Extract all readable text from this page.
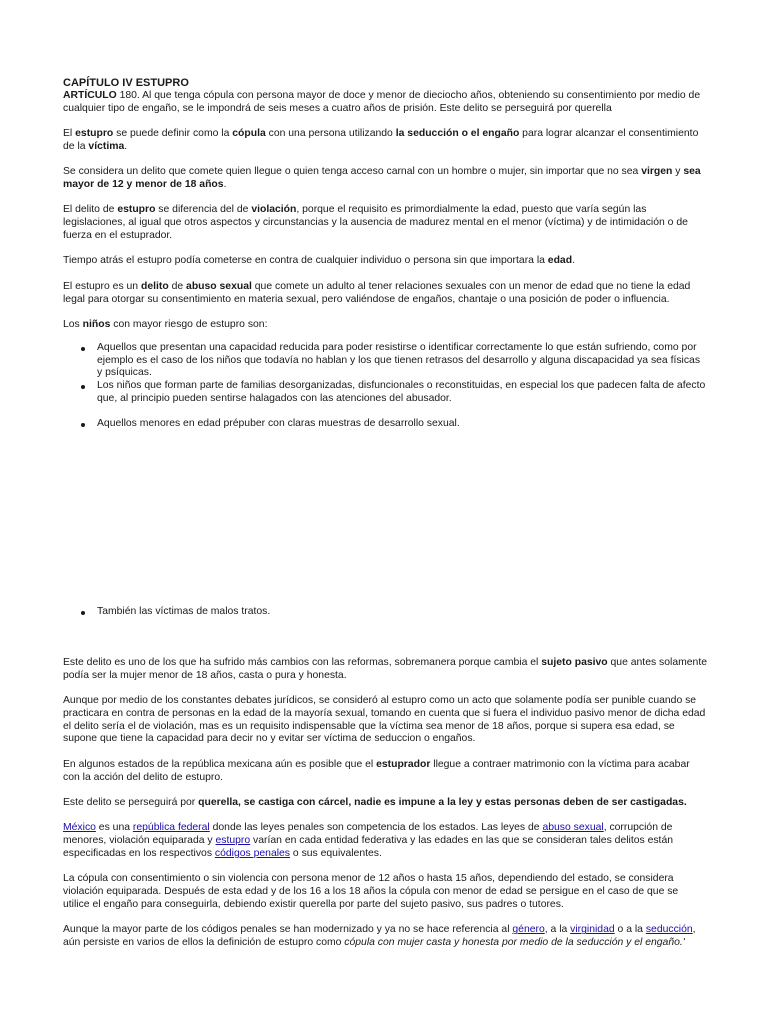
CAPÍTULO IV ESTUPRO

ARTÍCULO 180. Al que tenga cópula con persona mayor de doce y menor de dieciocho años, obteniendo su consentimiento por medio de cualquier tipo de engaño, se le impondrá de seis meses a cuatro años de prisión. Este delito se perseguirá por querella

El estupro se puede definir como la cópula con una persona utilizando la seducción o el engaño para lograr alcanzar el consentimiento de la víctima.

Se considera un delito que comete quien llegue o quien tenga acceso carnal con un hombre o mujer, sin importar que no sea virgen y sea mayor de 12 y menor de 18 años.

El delito de estupro se diferencia del de violación, porque el requisito es primordialmente la edad, puesto que varía según las legislaciones, al igual que otros aspectos y circunstancias y la ausencia de madurez mental en el menor (víctima) y de intimidación o de fuerza en el estuprador.

Tiempo atrás el estupro podía cometerse en contra de cualquier individuo o persona sin que importara la edad.

El estupro es un delito de abuso sexual que comete un adulto al tener relaciones sexuales con un menor de edad que no tiene la edad legal para otorgar su consentimiento en materia sexual, pero valiéndose de engaños, chantaje o una posición de poder o influencia.

Los niños con mayor riesgo de estupro son:

Aquellos que presentan una capacidad reducida para poder resistirse o identificar correctamente lo que están sufriendo, como por ejemplo es el caso de los niños que todavía no hablan y los que tienen retrasos del desarrollo y alguna discapacidad ya sea físicas y psíquicas.
Los niños que forman parte de familias desorganizadas, disfuncionales o reconstituidas, en especial los que padecen falta de afecto que, al principio pueden sentirse halagados con las atenciones del abusador.
Aquellos menores en edad prépuber con claras muestras de desarrollo sexual.
También las víctimas de malos tratos.

Este delito es uno de los que ha sufrido más cambios con las reformas, sobremanera porque cambia el sujeto pasivo que antes solamente podía ser la mujer menor de 18 años, casta o pura y honesta.

Aunque por medio de los constantes debates jurídicos, se consideró al estupro como un acto que solamente podía ser punible cuando se practicara en contra de personas en la edad de la mayoría sexual, tomando en cuenta que si fuera el individuo pasivo menor de dicha edad el delito sería el de violación, mas es un requisito indispensable que la víctima sea menor de 18 años, porque si supera esa edad, se supone que tiene la capacidad para decir no y evitar ser víctima de seduccion o engaños.

En algunos estados de la república mexicana aún es posible que el estuprador llegue a contraer matrimonio con la víctima para acabar con la acción del delito de estupro.

Este delito se perseguirá por querella, se castiga con cárcel, nadie es impune a la ley y estas personas deben de ser castigadas.

México es una república federal donde las leyes penales son competencia de los estados. Las leyes de abuso sexual, corrupción de menores, violación equiparada y estupro varían en cada entidad federativa y las edades en las que se consideran tales delitos están especificadas en los respectivos códigos penales o sus equivalentes.

La cópula con consentimiento o sin violencia con persona menor de 12 años o hasta 15 años, dependiendo del estado, se considera violación equiparada. Después de esta edad y de los 16 a los 18 años la cópula con menor de edad se persigue en el caso de que se utilice el engaño para conseguirla, debiendo existir querella por parte del sujeto pasivo, sus padres o tutores.

Aunque la mayor parte de los códigos penales se han modernizado y ya no se hace referencia al género, a la virginidad o a la seducción, aún persiste en varios de ellos la definición de estupro como cópula con mujer casta y honesta por medio de la seducción y el engaño.'
